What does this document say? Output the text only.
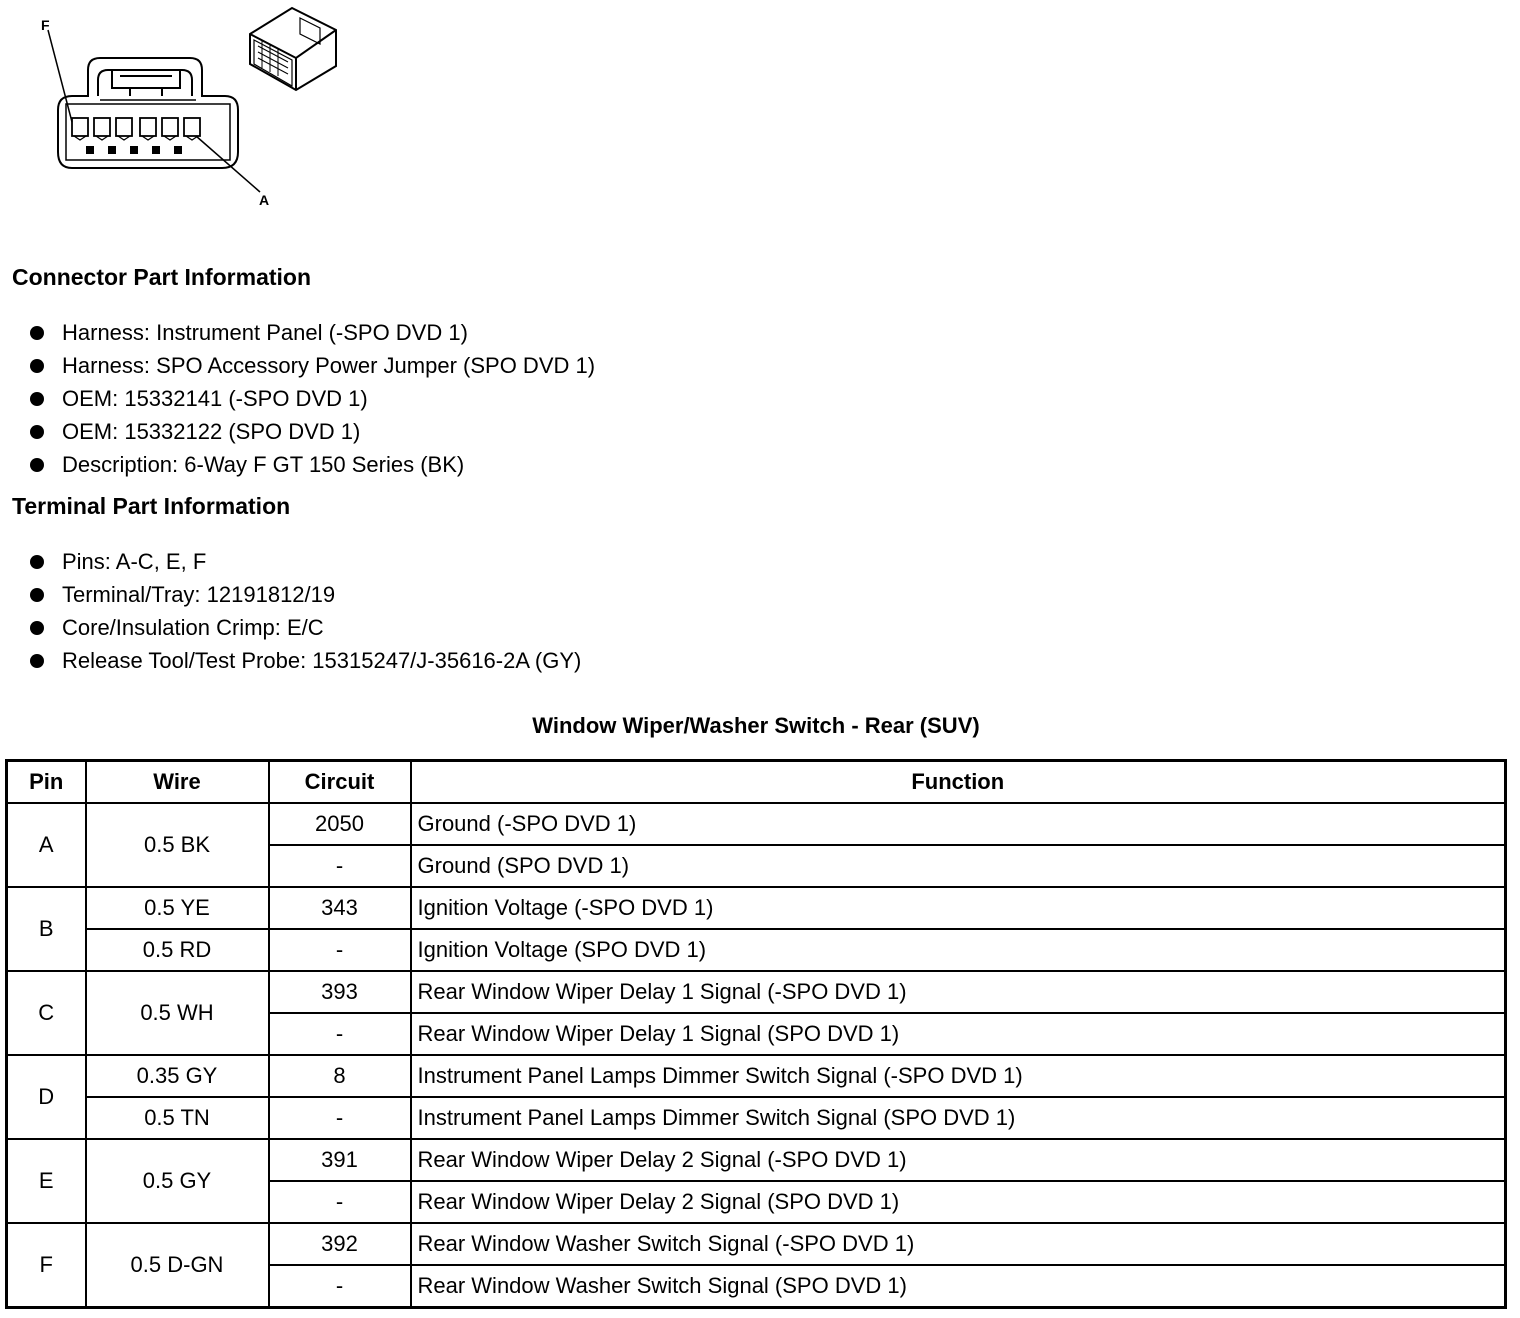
F
A
Connector Part Information
Harness: Instrument Panel (-SPO DVD 1)
Harness: SPO Accessory Power Jumper (SPO DVD 1)
OEM: 15332141 (-SPO DVD 1)
OEM: 15332122 (SPO DVD 1)
Description: 6-Way F GT 150 Series (BK)
Terminal Part Information
Pins: A-C, E, F
Terminal/Tray: 12191812/19
Core/Insulation Crimp: E/C
Release Tool/Test Probe: 15315247/J-35616-2A (GY)
Window Wiper/Washer Switch - Rear (SUV)
Pin	Wire	Circuit	Function
A	0.5 BK	2050	Ground (-SPO DVD 1)
		-	Ground (SPO DVD 1)
B	0.5 YE	343	Ignition Voltage (-SPO DVD 1)
	0.5 RD	-	Ignition Voltage (SPO DVD 1)
C	0.5 WH	393	Rear Window Wiper Delay 1 Signal (-SPO DVD 1)
		-	Rear Window Wiper Delay 1 Signal (SPO DVD 1)
D	0.35 GY	8	Instrument Panel Lamps Dimmer Switch Signal (-SPO DVD 1)
	0.5 TN	-	Instrument Panel Lamps Dimmer Switch Signal (SPO DVD 1)
E	0.5 GY	391	Rear Window Wiper Delay 2 Signal (-SPO DVD 1)
		-	Rear Window Wiper Delay 2 Signal (SPO DVD 1)
F	0.5 D-GN	392	Rear Window Washer Switch Signal (-SPO DVD 1)
		-	Rear Window Washer Switch Signal (SPO DVD 1)
